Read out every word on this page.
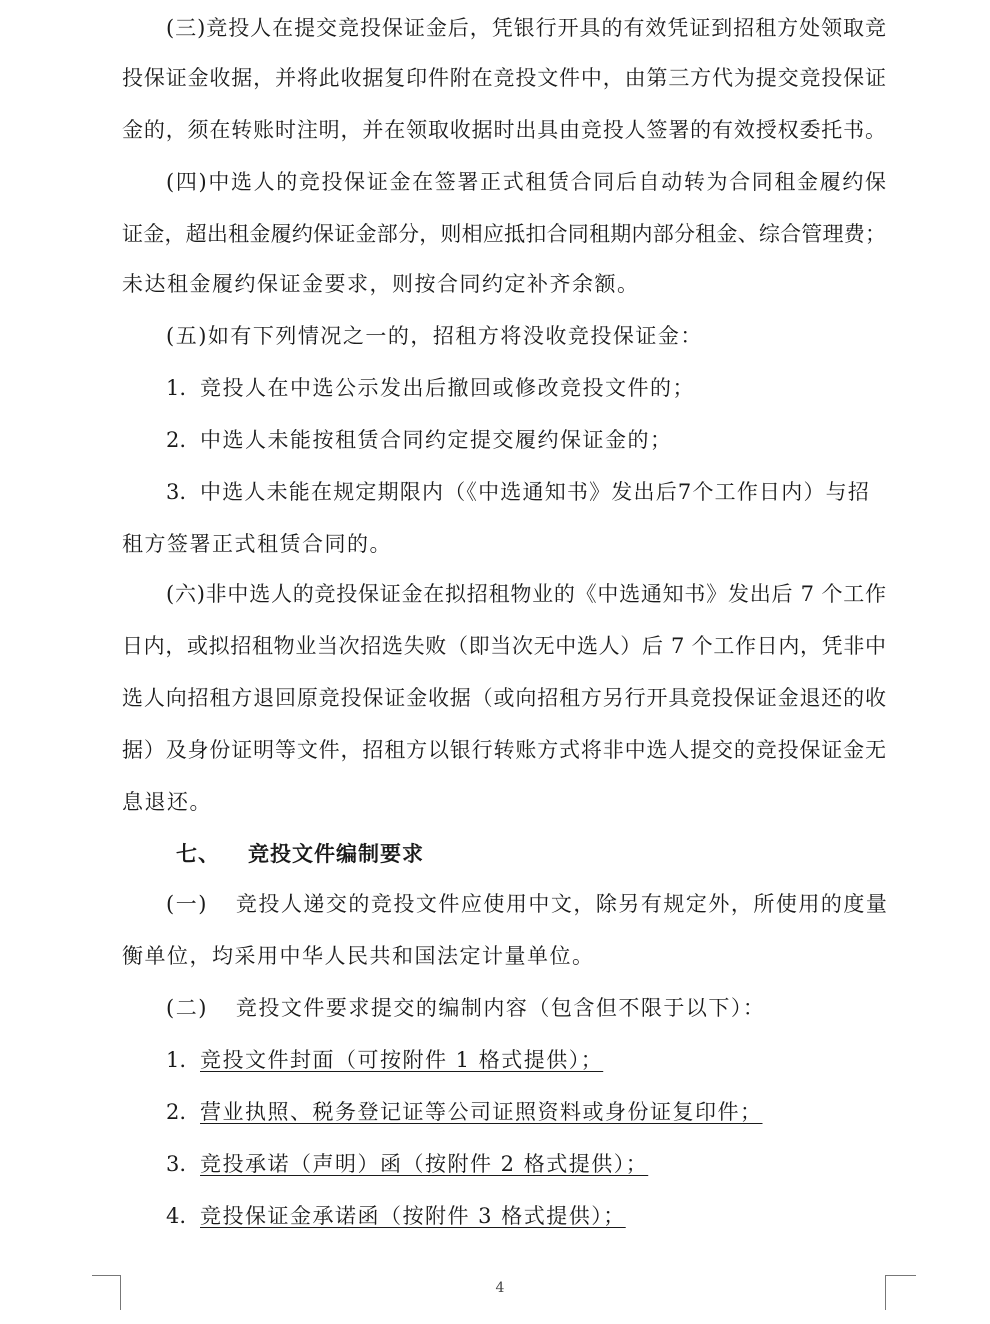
(三)竞投人在提交竞投保证金后，凭银行开具的有效凭证到招租方处领取竞
投保证金收据，并将此收据复印件附在竞投文件中，由第三方代为提交竞投保证
金的，须在转账时注明，并在领取收据时出具由竞投人签署的有效授权委托书。
(四)中选人的竞投保证金在签署正式租赁合同后自动转为合同租金履约保
证金，超出租金履约保证金部分，则相应抵扣合同租期内部分租金、综合管理费；
未达租金履约保证金要求，则按合同约定补齐余额。
(五)如有下列情况之一的，招租方将没收竞投保证金：
1. 竞投人在中选公示发出后撤回或修改竞投文件的；
2. 中选人未能按租赁合同约定提交履约保证金的；
3. 中选人未能在规定期限内（《中选通知书》发出后7个工作日内）与招
租方签署正式租赁合同的。
(六)非中选人的竞投保证金在拟招租物业的《中选通知书》发出后 7 个工作
日内，或拟招租物业当次招选失败（即当次无中选人）后 7 个工作日内，凭非中
选人向招租方退回原竞投保证金收据（或向招租方另行开具竞投保证金退还的收
据）及身份证明等文件，招租方以银行转账方式将非中选人提交的竞投保证金无
息退还。
七、 竞投文件编制要求
(一) 竞投人递交的竞投文件应使用中文，除另有规定外，所使用的度量
衡单位，均采用中华人民共和国法定计量单位。
(二) 竞投文件要求提交的编制内容（包含但不限于以下）：
1. 竞投文件封面（可按附件 1 格式提供）；
2. 营业执照、税务登记证等公司证照资料或身份证复印件；
3. 竞投承诺（声明）函（按附件 2 格式提供）；
4. 竞投保证金承诺函（按附件 3 格式提供）；
4
